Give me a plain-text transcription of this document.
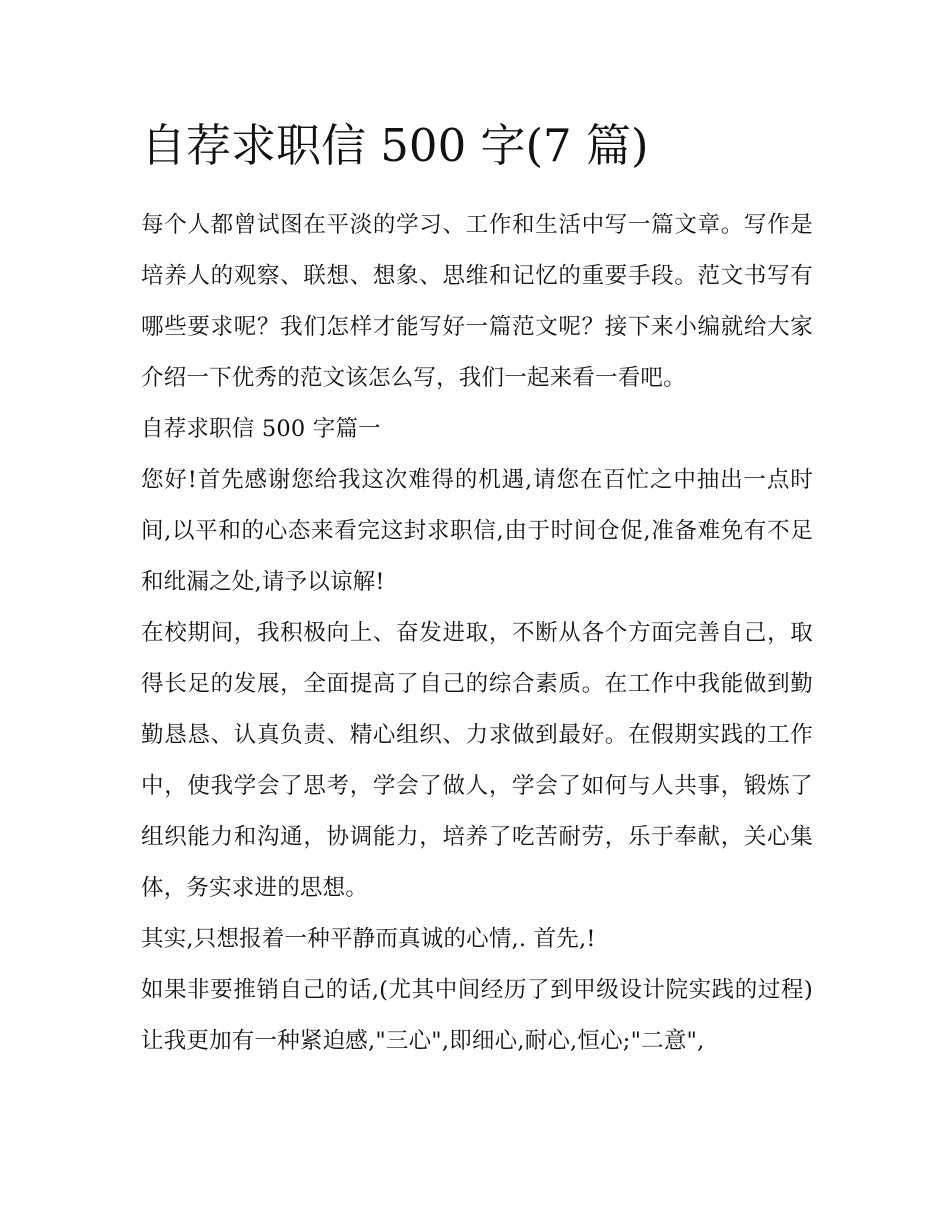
自荐求职信 500 字(7 篇)

每个人都曾试图在平淡的学习、工作和生活中写一篇文章。写作是培养人的观察、联想、想象、思维和记忆的重要手段。范文书写有哪些要求呢？我们怎样才能写好一篇范文呢？接下来小编就给大家介绍一下优秀的范文该怎么写，我们一起来看一看吧。

自荐求职信 500 字篇一

您好!首先感谢您给我这次难得的机遇,请您在百忙之中抽出一点时间,以平和的心态来看完这封求职信,由于时间仓促,准备难免有不足和纰漏之处,请予以谅解!

在校期间，我积极向上、奋发进取，不断从各个方面完善自己，取得长足的发展，全面提高了自己的综合素质。在工作中我能做到勤勤恳恳、认真负责、精心组织、力求做到最好。在假期实践的工作中，使我学会了思考，学会了做人，学会了如何与人共事，锻炼了组织能力和沟通，协调能力，培养了吃苦耐劳，乐于奉献，关心集体，务实求进的思想。

其实,只想报着一种平静而真诚的心情,. 首先,!

如果非要推销自己的话,(尤其中间经历了到甲级设计院实践的过程)让我更加有一种紧迫感,"三心",即细心,耐心,恒心;"二意",
